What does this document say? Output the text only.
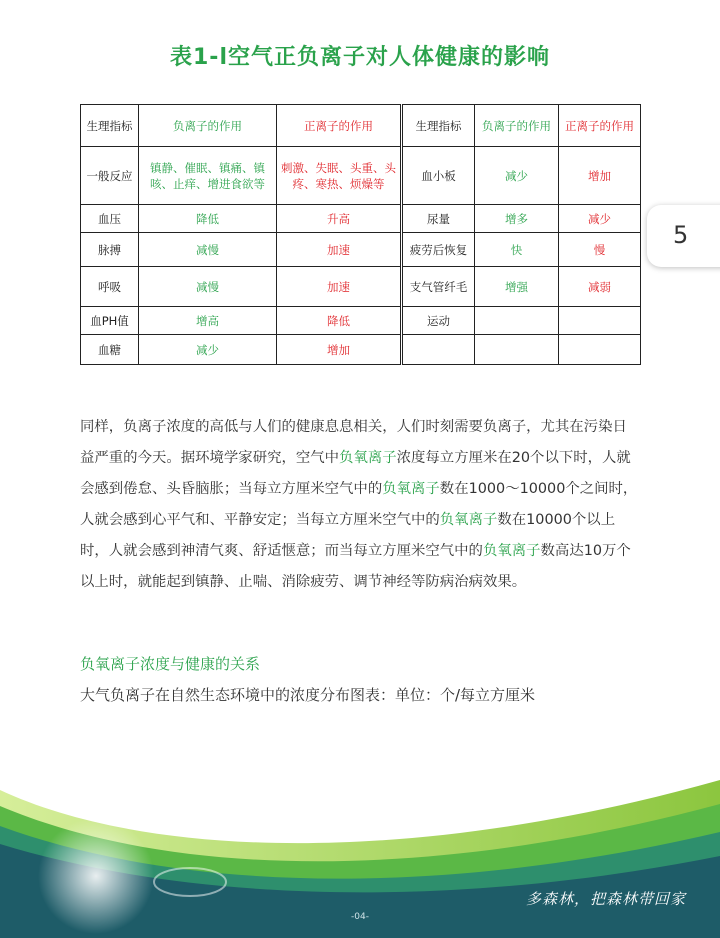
表1-l空气正负离子对人体健康的影响
生理指标	负离子的作用	正离子的作用
一般反应	镇静、催眠、镇痛、镇咳、止痒、增进食欲等	刺激、失眠、头重、头疼、寒热、烦燥等
血压	降低	升高
脉搏	减慢	加速
呼吸	减慢	加速
血PH值	增高	降低
血糖	减少	增加
生理指标	负离子的作用	正离子的作用
血小板	减少	增加
尿量	增多	减少
疲劳后恢复	快	慢
支气管纤毛	增强	减弱
运动		

5
同样，负离子浓度的高低与人们的健康息息相关，人们时刻需要负离子，尤其在污染日益严重的今天。据环境学家研究，空气中负氧离子浓度每立方厘米在20个以下时，人就会感到倦怠、头昏脑胀；当每立方厘米空气中的负氧离子数在1000～10000个之间时，人就会感到心平气和、平静安定；当每立方厘米空气中的负氧离子数在10000个以上时，人就会感到神清气爽、舒适惬意；而当每立方厘米空气中的负氧离子数高达10万个以上时，就能起到镇静、止喘、消除疲劳、调节神经等防病治病效果。
负氧离子浓度与健康的关系
大气负离子在自然生态环境中的浓度分布图表：单位：个/每立方厘米
多森林，把森林带回家
-04-
